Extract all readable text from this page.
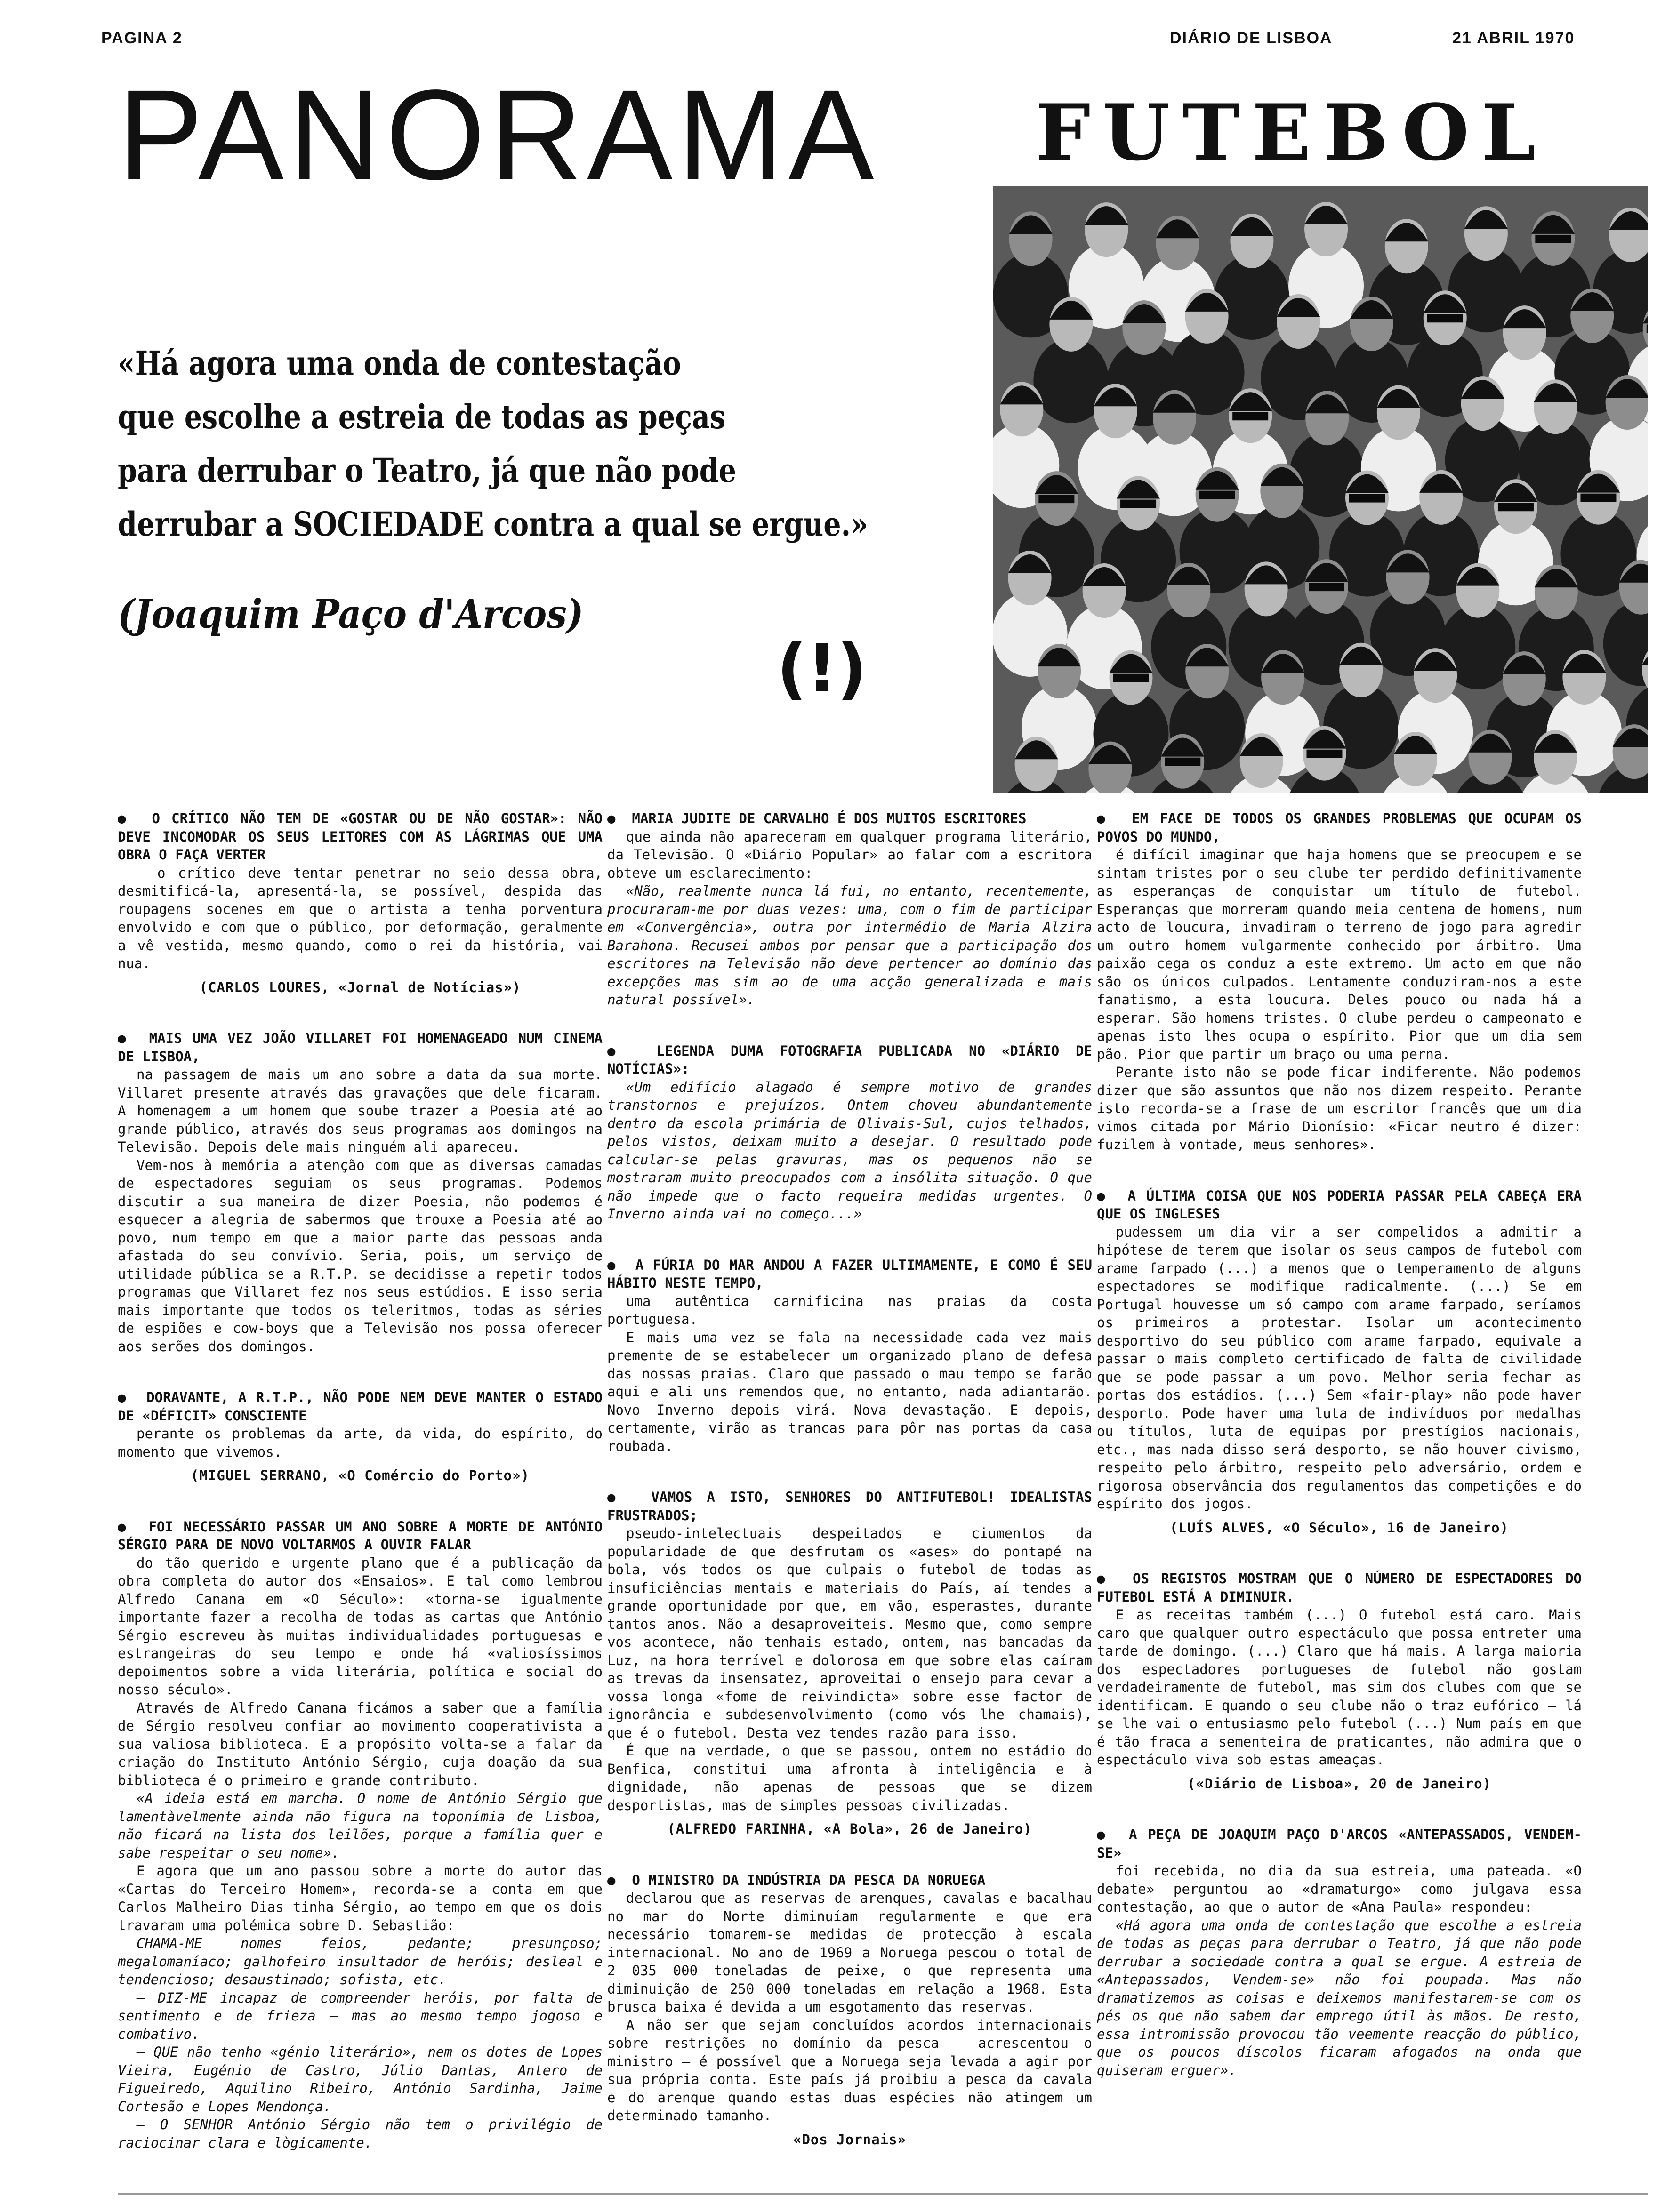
PAGINA 2	DIÁRIO DE LISBOA	21 ABRIL 1970
PANORAMA FUTEBOL
«Há agora uma onda de contestação
que escolhe a estreia de todas as peças
para derrubar o Teatro, já que não pode
derrubar a SOCIEDADE contra a qual se ergue.»
(Joaquim Paço d'Arcos)
(!)

●  O CRÍTICO NÃO TEM DE «GOSTAR OU DE NÃO GOSTAR»: NÃO DEVE INCOMODAR OS SEUS LEITORES COM AS LÁGRIMAS QUE UMA OBRA O FAÇA VERTER

— o crítico deve tentar penetrar no seio dessa obra, desmitificá-la, apresentá-la, se possível, despida das roupagens socenes em que o artista a tenha porventura envolvido e com que o público, por deformação, geralmente a vê vestida, mesmo quando, como o rei da história, vai nua.

(CARLOS LOURES, «Jornal de Notícias»)

●  MAIS UMA VEZ JOÃO VILLARET FOI HOMENAGEADO NUM CINEMA DE LISBOA,

na passagem de mais um ano sobre a data da sua morte. Villaret presente através das gravações que dele ficaram. A homenagem a um homem que soube trazer a Poesia até ao grande público, através dos seus programas aos domingos na Televisão. Depois dele mais ninguém ali apareceu.

Vem-nos à memória a atenção com que as diversas camadas de espectadores seguiam os seus programas. Podemos discutir a sua maneira de dizer Poesia, não podemos é esquecer a alegria de sabermos que trouxe a Poesia até ao povo, num tempo em que a maior parte das pessoas anda afastada do seu convívio. Seria, pois, um serviço de utilidade pública se a R.T.P. se decidisse a repetir todos programas que Villaret fez nos seus estúdios. E isso seria mais importante que todos os teleritmos, todas as séries de espiões e cow-boys que a Televisão nos possa oferecer aos serões dos domingos.

●  DORAVANTE, A R.T.P., NÃO PODE NEM DEVE MANTER O ESTADO DE «DÉFICIT» CONSCIENTE

perante os problemas da arte, da vida, do espírito, do momento que vivemos.

(MIGUEL SERRANO, «O Comércio do Porto»)

●  FOI NECESSÁRIO PASSAR UM ANO SOBRE A MORTE DE ANTÓNIO SÉRGIO PARA DE NOVO VOLTARMOS A OUVIR FALAR

do tão querido e urgente plano que é a publicação da obra completa do autor dos «Ensaios». E tal como lembrou Alfredo Canana em «O Século»: «torna-se igualmente importante fazer a recolha de todas as cartas que António Sérgio escreveu às muitas individualidades portuguesas e estrangeiras do seu tempo e onde há «valiosíssimos depoimentos sobre a vida literária, política e social do nosso século».

Através de Alfredo Canana ficámos a saber que a família de Sérgio resolveu confiar ao movimento cooperativista a sua valiosa biblioteca. E a propósito volta-se a falar da criação do Instituto António Sérgio, cuja doação da sua biblioteca é o primeiro e grande contributo.

«A ideia está em marcha. O nome de António Sérgio que lamentàvelmente ainda não figura na toponímia de Lisboa, não ficará na lista dos leilões, porque a família quer e sabe respeitar o seu nome».

E agora que um ano passou sobre a morte do autor das «Cartas do Terceiro Homem», recorda-se a conta em que Carlos Malheiro Dias tinha Sérgio, ao tempo em que os dois travaram uma polémica sobre D. Sebastião:

CHAMA-ME nomes feios, pedante; presunçoso; megalomaníaco; galhofeiro insultador de heróis; desleal e tendencioso; desaustinado; sofista, etc.

— DIZ-ME incapaz de compreender heróis, por falta de sentimento e de frieza — mas ao mesmo tempo jogoso e combativo.

— QUE não tenho «génio literário», nem os dotes de Lopes Vieira, Eugénio de Castro, Júlio Dantas, Antero de Figueiredo, Aquilino Ribeiro, António Sardinha, Jaime Cortesão e Lopes Mendonça.

— O SENHOR António Sérgio não tem o privilégio de raciocinar clara e lògicamente.

●  MARIA JUDITE DE CARVALHO É DOS MUITOS ESCRITORES

que ainda não apareceram em qualquer programa literário, da Televisão. O «Diário Popular» ao falar com a escritora obteve um esclarecimento:

«Não, realmente nunca lá fui, no entanto, recentemente, procuraram-me por duas vezes: uma, com o fim de participar em «Convergência», outra por intermédio de Maria Alzira Barahona. Recusei ambos por pensar que a participação dos escritores na Televisão não deve pertencer ao domínio das excepções mas sim ao de uma acção generalizada e mais natural possível».

●  LEGENDA DUMA FOTOGRAFIA PUBLICADA NO «DIÁRIO DE NOTÍCIAS»:

«Um edifício alagado é sempre motivo de grandes transtornos e prejuízos. Ontem choveu abundantemente dentro da escola primária de Olivais-Sul, cujos telhados, pelos vistos, deixam muito a desejar. O resultado pode calcular-se pelas gravuras, mas os pequenos não se mostraram muito preocupados com a insólita situação. O que não impede que o facto requeira medidas urgentes. O Inverno ainda vai no começo...»

●  A FÚRIA DO MAR ANDOU A FAZER ULTIMAMENTE, E COMO É SEU HÁBITO NESTE TEMPO,

uma autêntica carnificina nas praias da costa portuguesa.

E mais uma vez se fala na necessidade cada vez mais premente de se estabelecer um organizado plano de defesa das nossas praias. Claro que passado o mau tempo se farão aqui e ali uns remendos que, no entanto, nada adiantarão. Novo Inverno depois virá. Nova devastação. E depois, certamente, virão as trancas para pôr nas portas da casa roubada.

●  VAMOS A ISTO, SENHORES DO ANTIFUTEBOL! IDEALISTAS FRUSTRADOS;

pseudo-intelectuais despeitados e ciumentos da popularidade de que desfrutam os «ases» do pontapé na bola, vós todos os que culpais o futebol de todas as insuficiências mentais e materiais do País, aí tendes a grande oportunidade por que, em vão, esperastes, durante tantos anos. Não a desaproveiteis. Mesmo que, como sempre vos acontece, não tenhais estado, ontem, nas bancadas da Luz, na hora terrível e dolorosa em que sobre elas caíram as trevas da insensatez, aproveitai o ensejo para cevar a vossa longa «fome de reivindicta» sobre esse factor de ignorância e subdesenvolvimento (como vós lhe chamais), que é o futebol. Desta vez tendes razão para isso.

É que na verdade, o que se passou, ontem no estádio do Benfica, constitui uma afronta à inteligência e à dignidade, não apenas de pessoas que se dizem desportistas, mas de simples pessoas civilizadas.

(ALFREDO FARINHA, «A Bola», 26 de Janeiro)

●  O MINISTRO DA INDÚSTRIA DA PESCA DA NORUEGA

declarou que as reservas de arenques, cavalas e bacalhau no mar do Norte diminuíam regularmente e que era necessário tomarem-se medidas de protecção à escala internacional. No ano de 1969 a Noruega pescou o total de 2 035 000 toneladas de peixe, o que representa uma diminuição de 250 000 toneladas em relação a 1968. Esta brusca baixa é devida a um esgotamento das reservas.

A não ser que sejam concluídos acordos internacionais sobre restrições no domínio da pesca — acrescentou o ministro — é possível que a Noruega seja levada a agir por sua própria conta. Este país já proibiu a pesca da cavala e do arenque quando estas duas espécies não atingem um determinado tamanho.

«Dos Jornais»

●  EM FACE DE TODOS OS GRANDES PROBLEMAS QUE OCUPAM OS POVOS DO MUNDO,

é difícil imaginar que haja homens que se preocupem e se sintam tristes por o seu clube ter perdido definitivamente as esperanças de conquistar um título de futebol. Esperanças que morreram quando meia centena de homens, num acto de loucura, invadiram o terreno de jogo para agredir um outro homem vulgarmente conhecido por árbitro. Uma paixão cega os conduz a este extremo. Um acto em que não são os únicos culpados. Lentamente conduziram-nos a este fanatismo, a esta loucura. Deles pouco ou nada há a esperar. São homens tristes. O clube perdeu o campeonato e apenas isto lhes ocupa o espírito. Pior que um dia sem pão. Pior que partir um braço ou uma perna.

Perante isto não se pode ficar indiferente. Não podemos dizer que são assuntos que não nos dizem respeito. Perante isto recorda-se a frase de um escritor francês que um dia vimos citada por Mário Dionísio: «Ficar neutro é dizer: fuzilem à vontade, meus senhores».

●  A ÚLTIMA COISA QUE NOS PODERIA PASSAR PELA CABEÇA ERA QUE OS INGLESES

pudessem um dia vir a ser compelidos a admitir a hipótese de terem que isolar os seus campos de futebol com arame farpado (...) a menos que o temperamento de alguns espectadores se modifique radicalmente. (...) Se em Portugal houvesse um só campo com arame farpado, seríamos os primeiros a protestar. Isolar um acontecimento desportivo do seu público com arame farpado, equivale a passar o mais completo certificado de falta de civilidade que se pode passar a um povo. Melhor seria fechar as portas dos estádios. (...) Sem «fair-play» não pode haver desporto. Pode haver uma luta de indivíduos por medalhas ou títulos, luta de equipas por prestígios nacionais, etc., mas nada disso será desporto, se não houver civismo, respeito pelo árbitro, respeito pelo adversário, ordem e rigorosa observância dos regulamentos das competições e do espírito dos jogos.

(LUÍS ALVES, «O Século», 16 de Janeiro)

●  OS REGISTOS MOSTRAM QUE O NÚMERO DE ESPECTADORES DO FUTEBOL ESTÁ A DIMINUIR.

E as receitas também (...) O futebol está caro. Mais caro que qualquer outro espectáculo que possa entreter uma tarde de domingo. (...) Claro que há mais. A larga maioria dos espectadores portugueses de futebol não gostam verdadeiramente de futebol, mas sim dos clubes com que se identificam. E quando o seu clube não o traz eufórico — lá se lhe vai o entusiasmo pelo futebol (...) Num país em que é tão fraca a sementeira de praticantes, não admira que o espectáculo viva sob estas ameaças.

(«Diário de Lisboa», 20 de Janeiro)

●  A PEÇA DE JOAQUIM PAÇO D'ARCOS «ANTEPASSADOS, VENDEM-SE»

foi recebida, no dia da sua estreia, uma pateada. «O debate» perguntou ao «dramaturgo» como julgava essa contestação, ao que o autor de «Ana Paula» respondeu:

«Há agora uma onda de contestação que escolhe a estreia de todas as peças para derrubar o Teatro, já que não pode derrubar a sociedade contra a qual se ergue. A estreia de «Antepassados, Vendem-se» não foi poupada. Mas não dramatizemos as coisas e deixemos manifestarem-se com os pés os que não sabem dar emprego útil às mãos. De resto, essa intromissão provocou tão veemente reacção do público, que os poucos díscolos ficaram afogados na onda que quiseram erguer».
